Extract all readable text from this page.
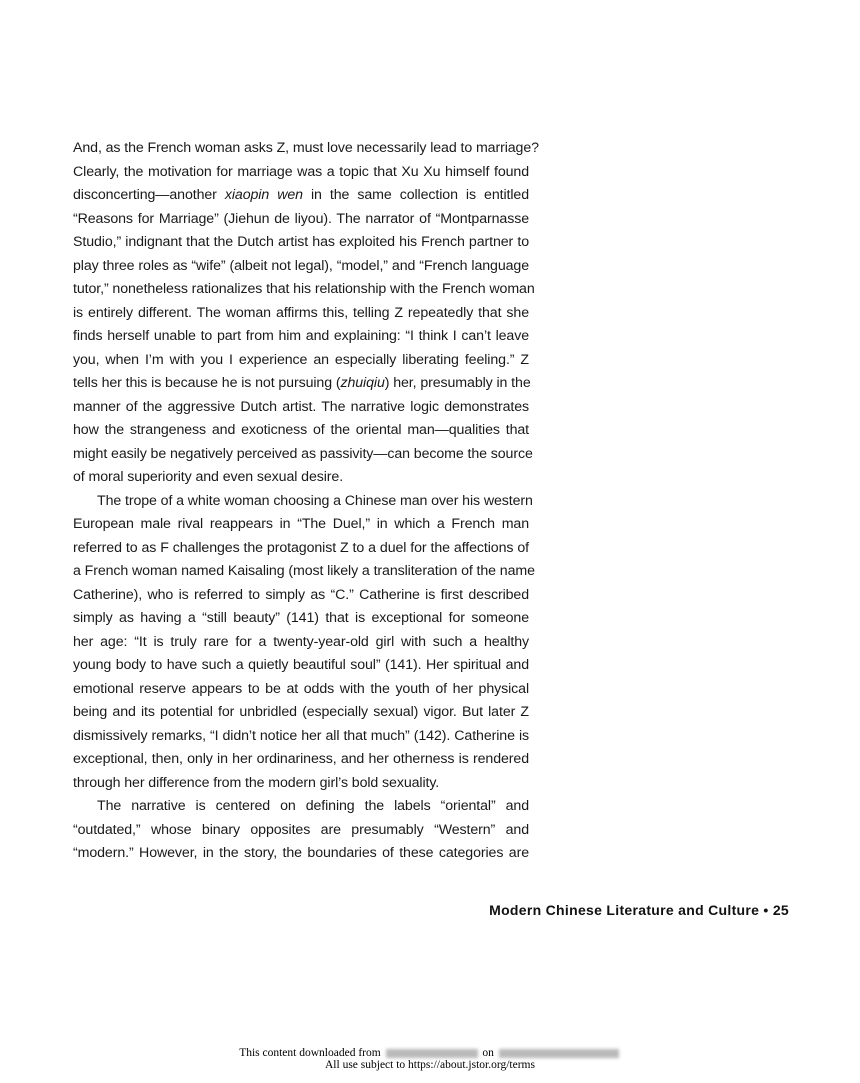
And, as the French woman asks Z, must love necessarily lead to marriage?
Clearly, the motivation for marriage was a topic that Xu Xu himself found
disconcerting—another xiaopin wen in the same collection is entitled
“Reasons for Marriage” (Jiehun de liyou). The narrator of “Montparnasse
Studio,” indignant that the Dutch artist has exploited his French partner to
play three roles as “wife” (albeit not legal), “model,” and “French language
tutor,” nonetheless rationalizes that his relationship with the French woman
is entirely different. The woman affirms this, telling Z repeatedly that she
finds herself unable to part from him and explaining: “I think I can’t leave
you, when I’m with you I experience an especially liberating feeling.” Z
tells her this is because he is not pursuing (zhuiqiu) her, presumably in the
manner of the aggressive Dutch artist. The narrative logic demonstrates
how the strangeness and exoticness of the oriental man—qualities that
might easily be negatively perceived as passivity—can become the source
of moral superiority and even sexual desire.
The trope of a white woman choosing a Chinese man over his western
European male rival reappears in “The Duel,” in which a French man
referred to as F challenges the protagonist Z to a duel for the affections of
a French woman named Kaisaling (most likely a transliteration of the name
Catherine), who is referred to simply as “C.” Catherine is first described
simply as having a “still beauty” (141) that is exceptional for someone
her age: “It is truly rare for a twenty-year-old girl with such a healthy
young body to have such a quietly beautiful soul” (141). Her spiritual and
emotional reserve appears to be at odds with the youth of her physical
being and its potential for unbridled (especially sexual) vigor. But later Z
dismissively remarks, “I didn’t notice her all that much” (142). Catherine is
exceptional, then, only in her ordinariness, and her otherness is rendered
through her difference from the modern girl’s bold sexuality.
The narrative is centered on defining the labels “oriental” and
“outdated,” whose binary opposites are presumably “Western” and
“modern.” However, in the story, the boundaries of these categories are
Modern Chinese Literature and Culture • 25
This content downloaded from	on
All use subject to https://about.jstor.org/terms
